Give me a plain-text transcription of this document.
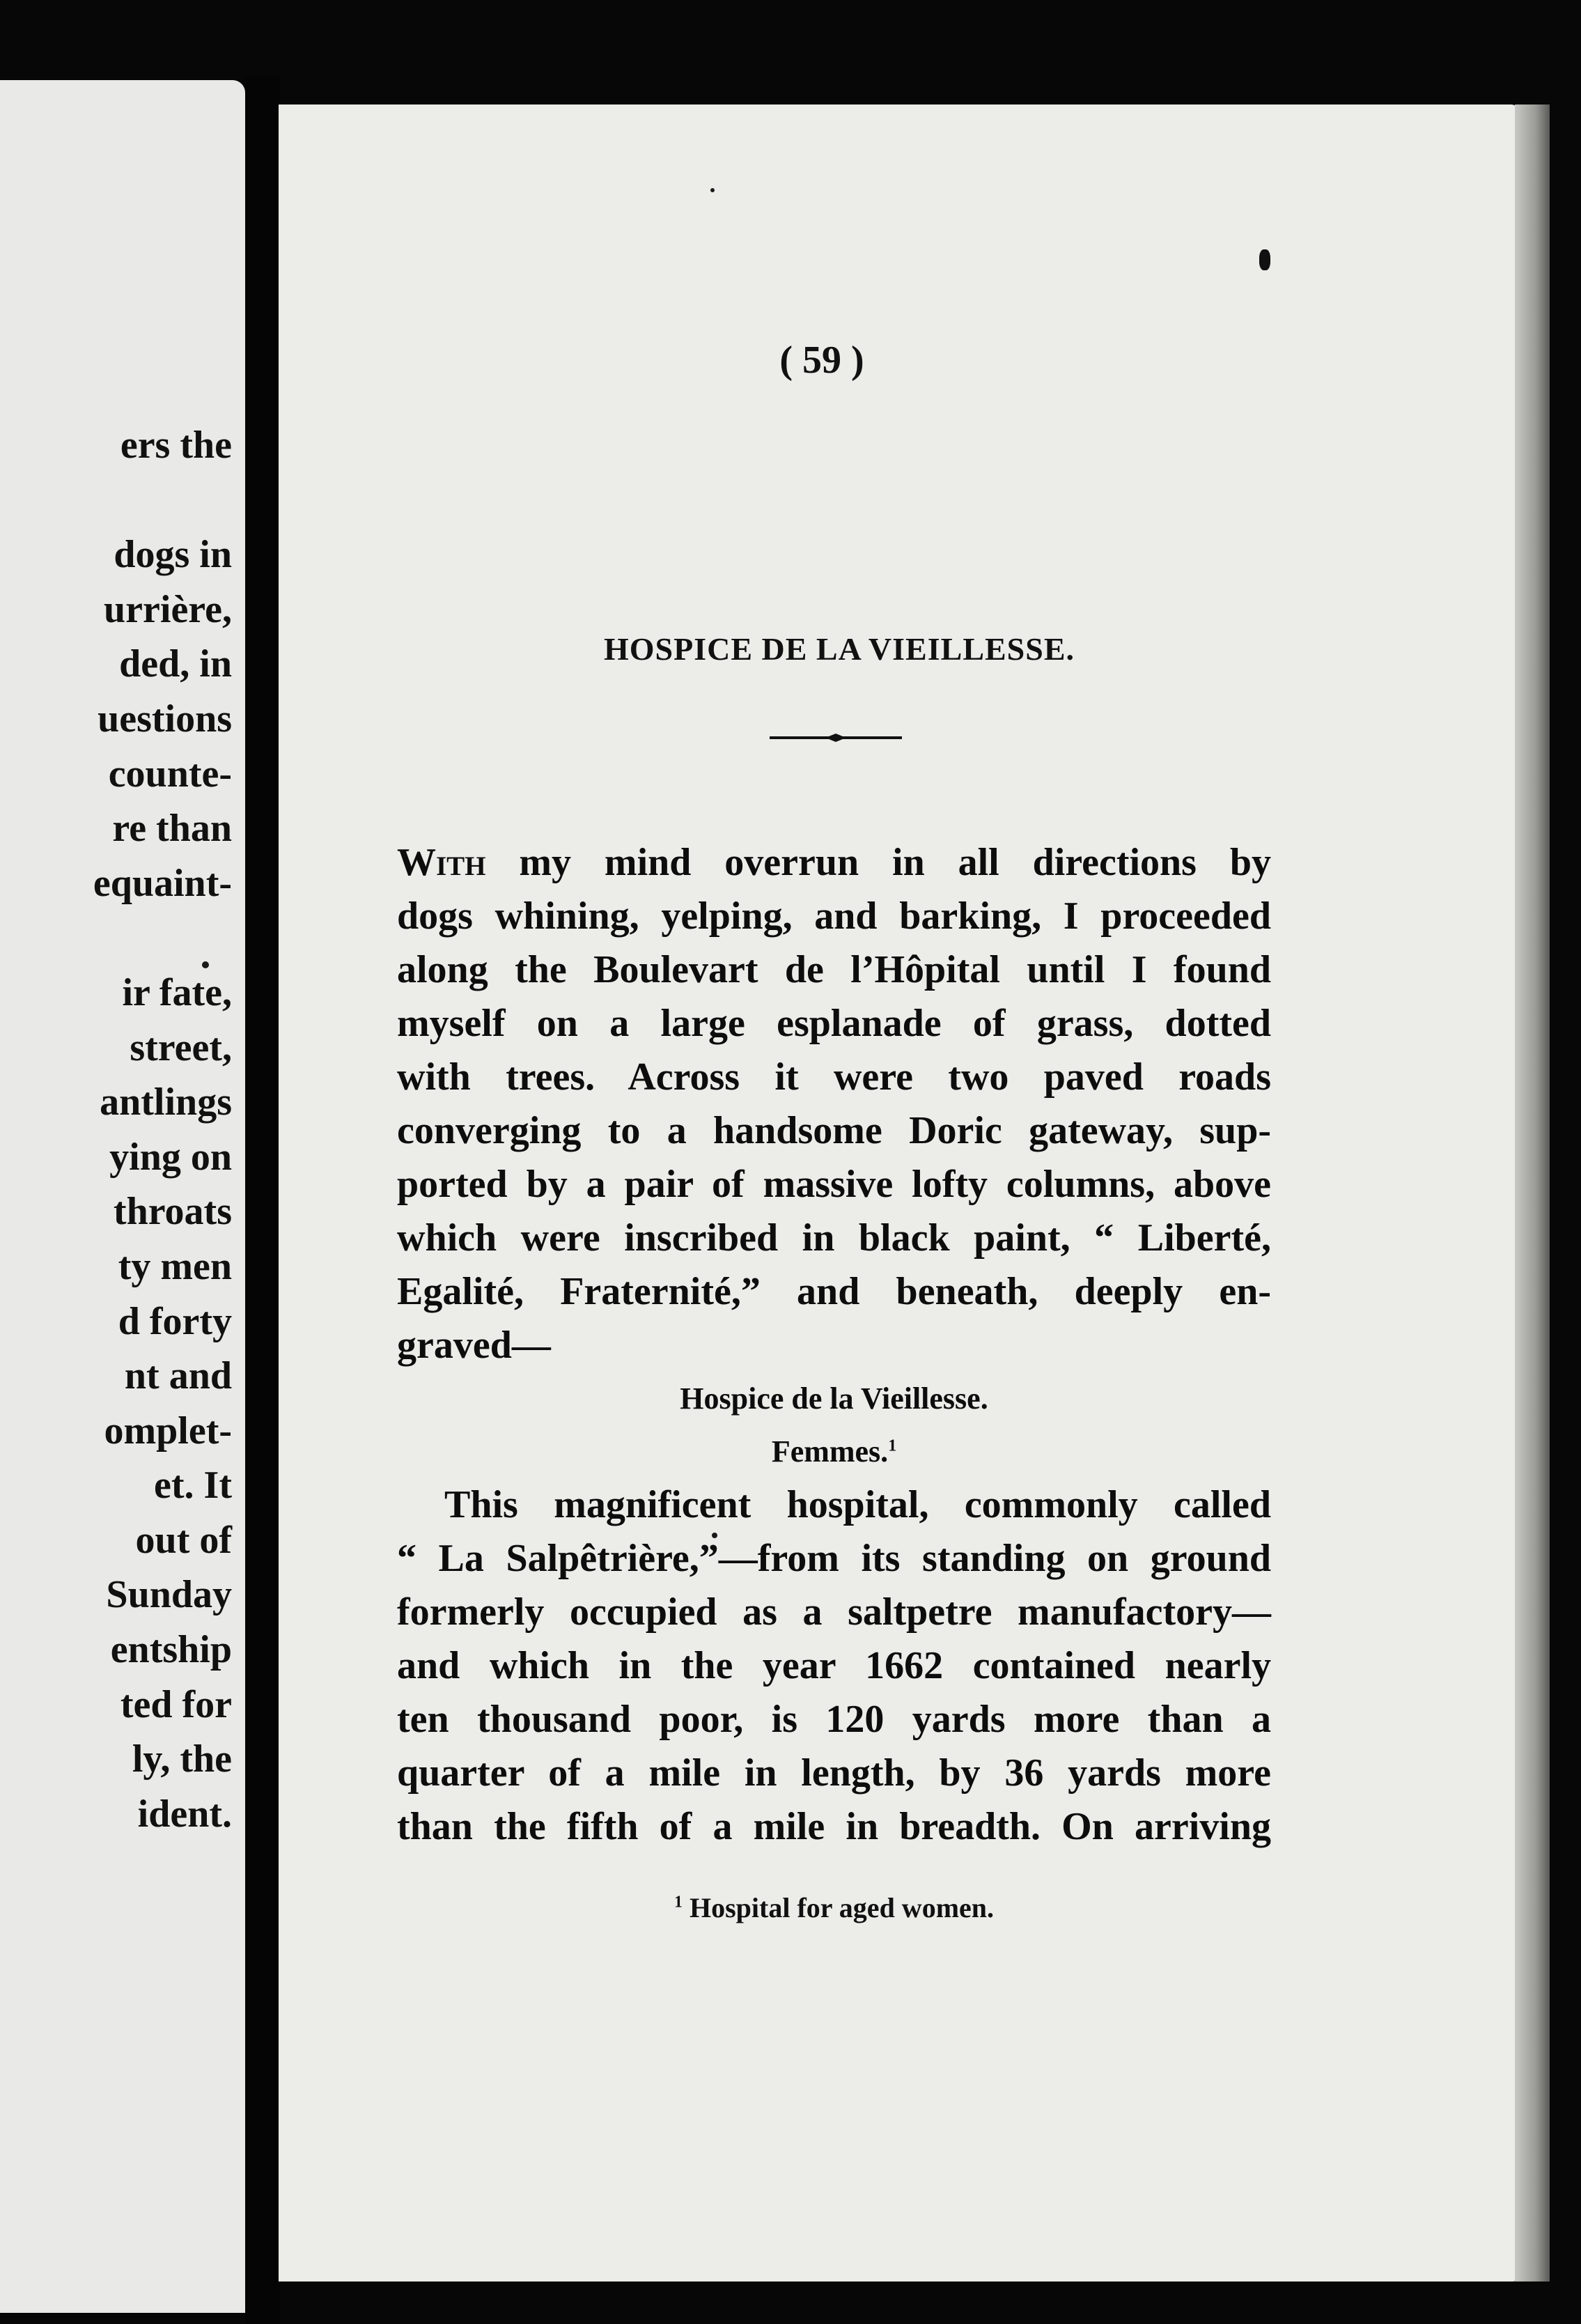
ers the
dogs in
urrière,
ded, in
uestions
counte-
re than
equaint-
ir fate,
street,
antlings
ying on
throats
ty men
d forty
nt and
omplet-
et. It
out of
Sunday
entship
ted for
ly, the
ident.
( 59 )
HOSPICE DE LA VIEILLESSE.

With my mind overrun in all directions by
dogs whining, yelping, and barking, I proceeded
along the Boulevart de l’Hôpital until I found
myself on a large esplanade of grass, dotted
with trees. Across it were two paved roads
converging to a handsome Doric gateway, sup-
ported by a pair of massive lofty columns, above
which were inscribed in black paint, “ Liberté,
Egalité, Fraternité,” and beneath, deeply en-
graved—

Hospice de la Vieillesse.

Femmes.$^1$

This magnificent hospital, commonly called
“ La Salpêtrière,”—from its standing on ground
formerly occupied as a saltpetre manufactory—
and which in the year 1662 contained nearly
ten thousand poor, is 120 yards more than a
quarter of a mile in length, by 36 yards more
than the fifth of a mile in breadth. On arriving

$^1$ Hospital for aged women.
